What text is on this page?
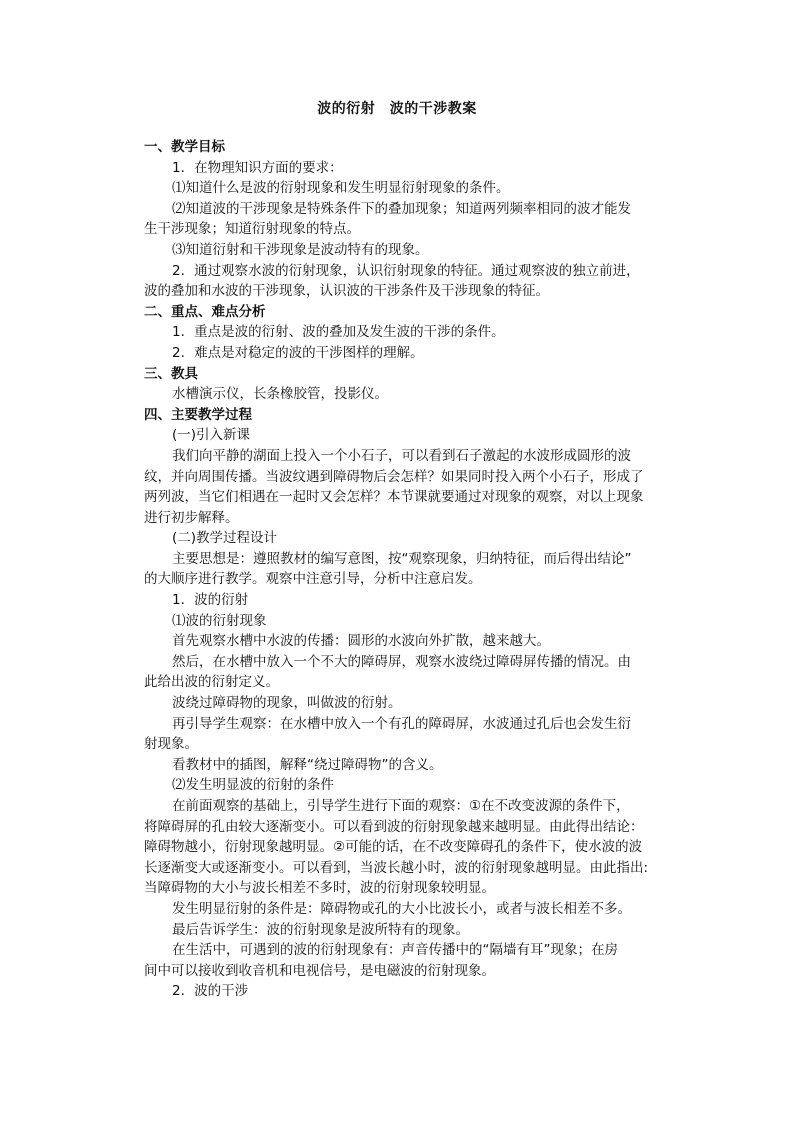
波的衍射　波的干涉教案
一、教学目标
1．在物理知识方面的要求：
⑴知道什么是波的衍射现象和发生明显衍射现象的条件。
⑵知道波的干涉现象是特殊条件下的叠加现象；知道两列频率相同的波才能发
生干涉现象；知道衍射现象的特点。
⑶知道衍射和干涉现象是波动特有的现象。
2．通过观察水波的衍射现象，认识衍射现象的特征。通过观察波的独立前进，
波的叠加和水波的干涉现象，认识波的干涉条件及干涉现象的特征。
二、重点、难点分析
1．重点是波的衍射、波的叠加及发生波的干涉的条件。
2．难点是对稳定的波的干涉图样的理解。
三、教具
水槽演示仪，长条橡胶管，投影仪。
四、主要教学过程
(一)引入新课
我们向平静的湖面上投入一个小石子，可以看到石子激起的水波形成圆形的波
纹，并向周围传播。当波纹遇到障碍物后会怎样？如果同时投入两个小石子，形成了
两列波，当它们相遇在一起时又会怎样？本节课就要通过对现象的观察，对以上现象
进行初步解释。
(二)教学过程设计
主要思想是：遵照教材的编写意图，按“观察现象，归纳特征，而后得出结论”
的大顺序进行教学。观察中注意引导，分析中注意启发。
1．波的衍射
⑴波的衍射现象
首先观察水槽中水波的传播：圆形的水波向外扩散，越来越大。
然后，在水槽中放入一个不大的障碍屏，观察水波绕过障碍屏传播的情况。由
此给出波的衍射定义。
波绕过障碍物的现象，叫做波的衍射。
再引导学生观察：在水槽中放入一个有孔的障碍屏，水波通过孔后也会发生衍
射现象。
看教材中的插图，解释“绕过障碍物”的含义。
⑵发生明显波的衍射的条件
在前面观察的基础上，引导学生进行下面的观察：①在不改变波源的条件下，
将障碍屏的孔由较大逐渐变小。可以看到波的衍射现象越来越明显。由此得出结论：
障碍物越小，衍射现象越明显。②可能的话，在不改变障碍孔的条件下，使水波的波
长逐渐变大或逐渐变小。可以看到，当波长越小时，波的衍射现象越明显。由此指出:
当障碍物的大小与波长相差不多时，波的衍射现象较明显。
发生明显衍射的条件是：障碍物或孔的大小比波长小，或者与波长相差不多。
最后告诉学生：波的衍射现象是波所特有的现象。
在生活中，可遇到的波的衍射现象有：声音传播中的“隔墙有耳”现象；在房
间中可以接收到收音机和电视信号，是电磁波的衍射现象。
2．波的干涉
